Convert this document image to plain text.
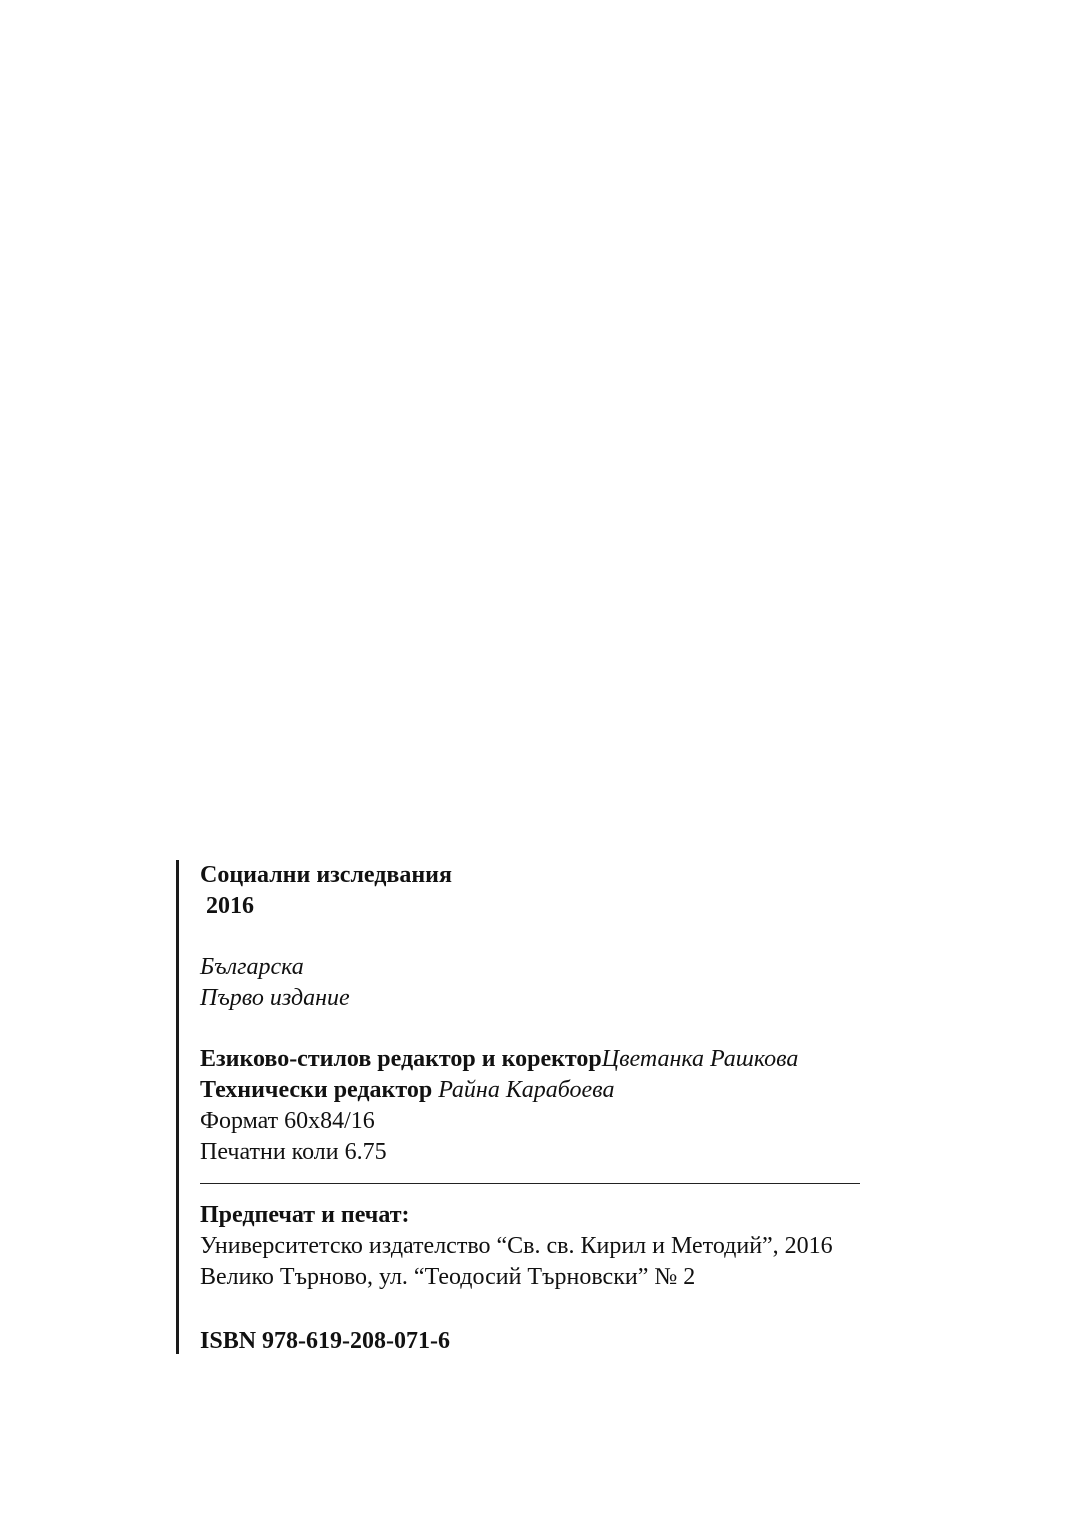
Социални изследвания
2016
Българска
Първо издание
Езиково-стилов редактор и коректорЦветанка Рашкова
Технически редактор Райна Карабоева
Формат 60х84/16
Печатни коли 6.75
Предпечат и печат:
Университетско издателство “Св. св. Кирил и Методий”, 2016
Велико Търново, ул. “Теодосий Търновски” № 2
ISBN 978-619-208-071-6
